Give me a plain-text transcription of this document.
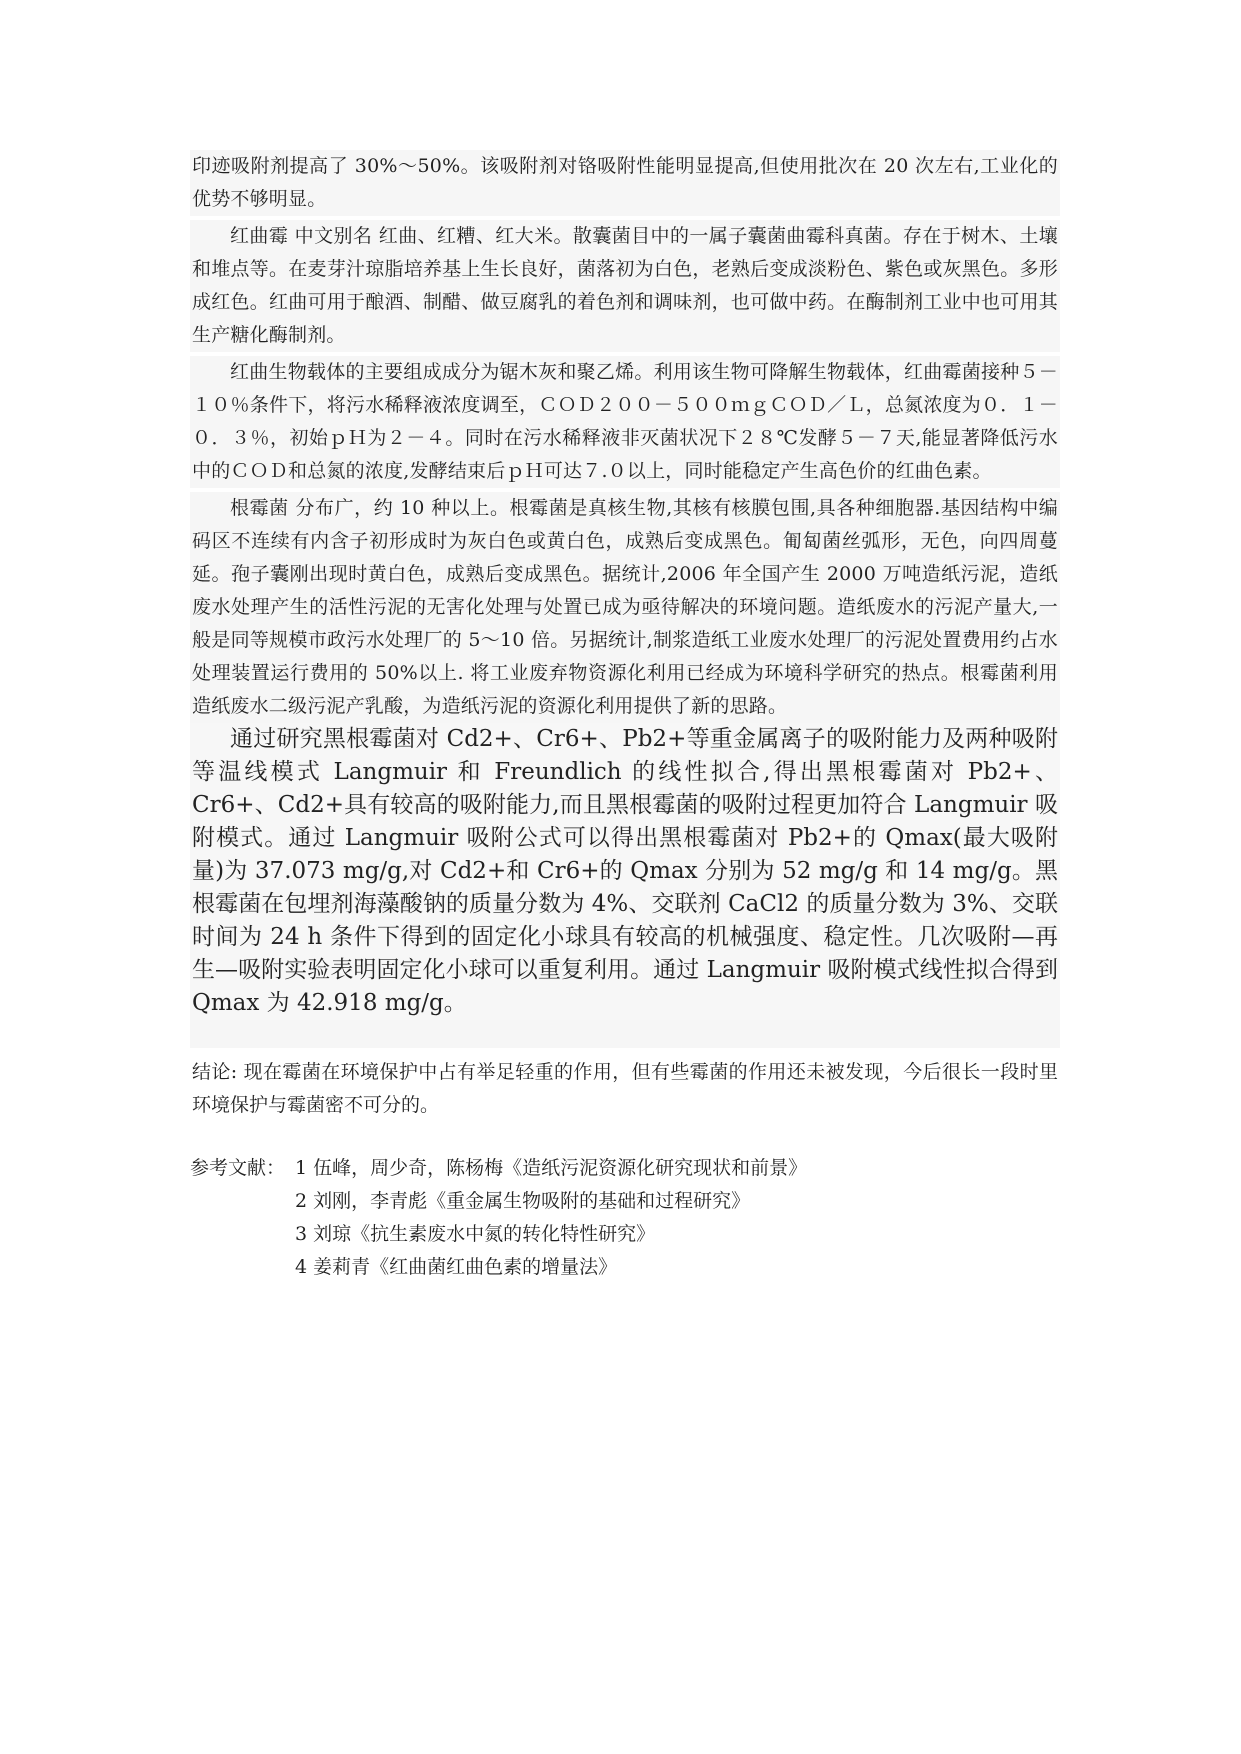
印迹吸附剂提高了 30%～50%。该吸附剂对铬吸附性能明显提高,但使用批次在 20 次左右,工业化的优势不够明显。

红曲霉 中文别名 红曲、红糟、红大米。散囊菌目中的一属子囊菌曲霉科真菌。存在于树木、土壤和堆点等。在麦芽汁琼脂培养基上生长良好，菌落初为白色，老熟后变成淡粉色、紫色或灰黑色。多形成红色。红曲可用于酿酒、制醋、做豆腐乳的着色剂和调味剂，也可做中药。在酶制剂工业中也可用其生产糖化酶制剂。

红曲生物载体的主要组成成分为锯木灰和聚乙烯。利用该生物可降解生物载体，红曲霉菌接种５－１０％条件下，将污水稀释液浓度调至，ＣＯＤ２００－５００ｍｇＣＯＤ／Ｌ，总氮浓度为０．１－０．３％，初始ｐＨ为２－４。同时在污水稀释液非灭菌状况下２８℃发酵５－７天,能显著降低污水中的ＣＯＤ和总氮的浓度,发酵结束后ｐＨ可达７.０以上，同时能稳定产生高色价的红曲色素。

根霉菌 分布广，约 10 种以上。根霉菌是真核生物,其核有核膜包围,具各种细胞器.基因结构中编码区不连续有内含子初形成时为灰白色或黄白色，成熟后变成黑色。匍匐菌丝弧形，无色，向四周蔓延。孢子囊刚出现时黄白色，成熟后变成黑色。据统计,2006 年全国产生 2000 万吨造纸污泥，造纸废水处理产生的活性污泥的无害化处理与处置已成为亟待解决的环境问题。造纸废水的污泥产量大,一般是同等规模市政污水处理厂的 5～10 倍。另据统计,制浆造纸工业废水处理厂的污泥处置费用约占水处理装置运行费用的 50%以上. 将工业废弃物资源化利用已经成为环境科学研究的热点。根霉菌利用造纸废水二级污泥产乳酸，为造纸污泥的资源化利用提供了新的思路。

通过研究黑根霉菌对 Cd2+、Cr6+、Pb2+等重金属离子的吸附能力及两种吸附等温线模式 Langmuir 和 Freundlich 的线性拟合,得出黑根霉菌对 Pb2+、Cr6+、Cd2+具有较高的吸附能力,而且黑根霉菌的吸附过程更加符合 Langmuir 吸附模式。通过 Langmuir 吸附公式可以得出黑根霉菌对 Pb2+的 Qmax(最大吸附量)为 37.073 mg/g,对 Cd2+和 Cr6+的 Qmax 分别为 52 mg/g 和 14 mg/g。黑根霉菌在包埋剂海藻酸钠的质量分数为 4%、交联剂 CaCl2 的质量分数为 3%、交联时间为 24 h 条件下得到的固定化小球具有较高的机械强度、稳定性。几次吸附—再生—吸附实验表明固定化小球可以重复利用。通过 Langmuir 吸附模式线性拟合得到 Qmax 为 42.918 mg/g。

结论: 现在霉菌在环境保护中占有举足轻重的作用，但有些霉菌的作用还未被发现，今后很长一段时里环境保护与霉菌密不可分的。

参考文献： 1 伍峰，周少奇，陈杨梅《造纸污泥资源化研究现状和前景》
2 刘刚，李青彪《重金属生物吸附的基础和过程研究》
3 刘琼《抗生素废水中氮的转化特性研究》
4 姜莉青《红曲菌红曲色素的增量法》
